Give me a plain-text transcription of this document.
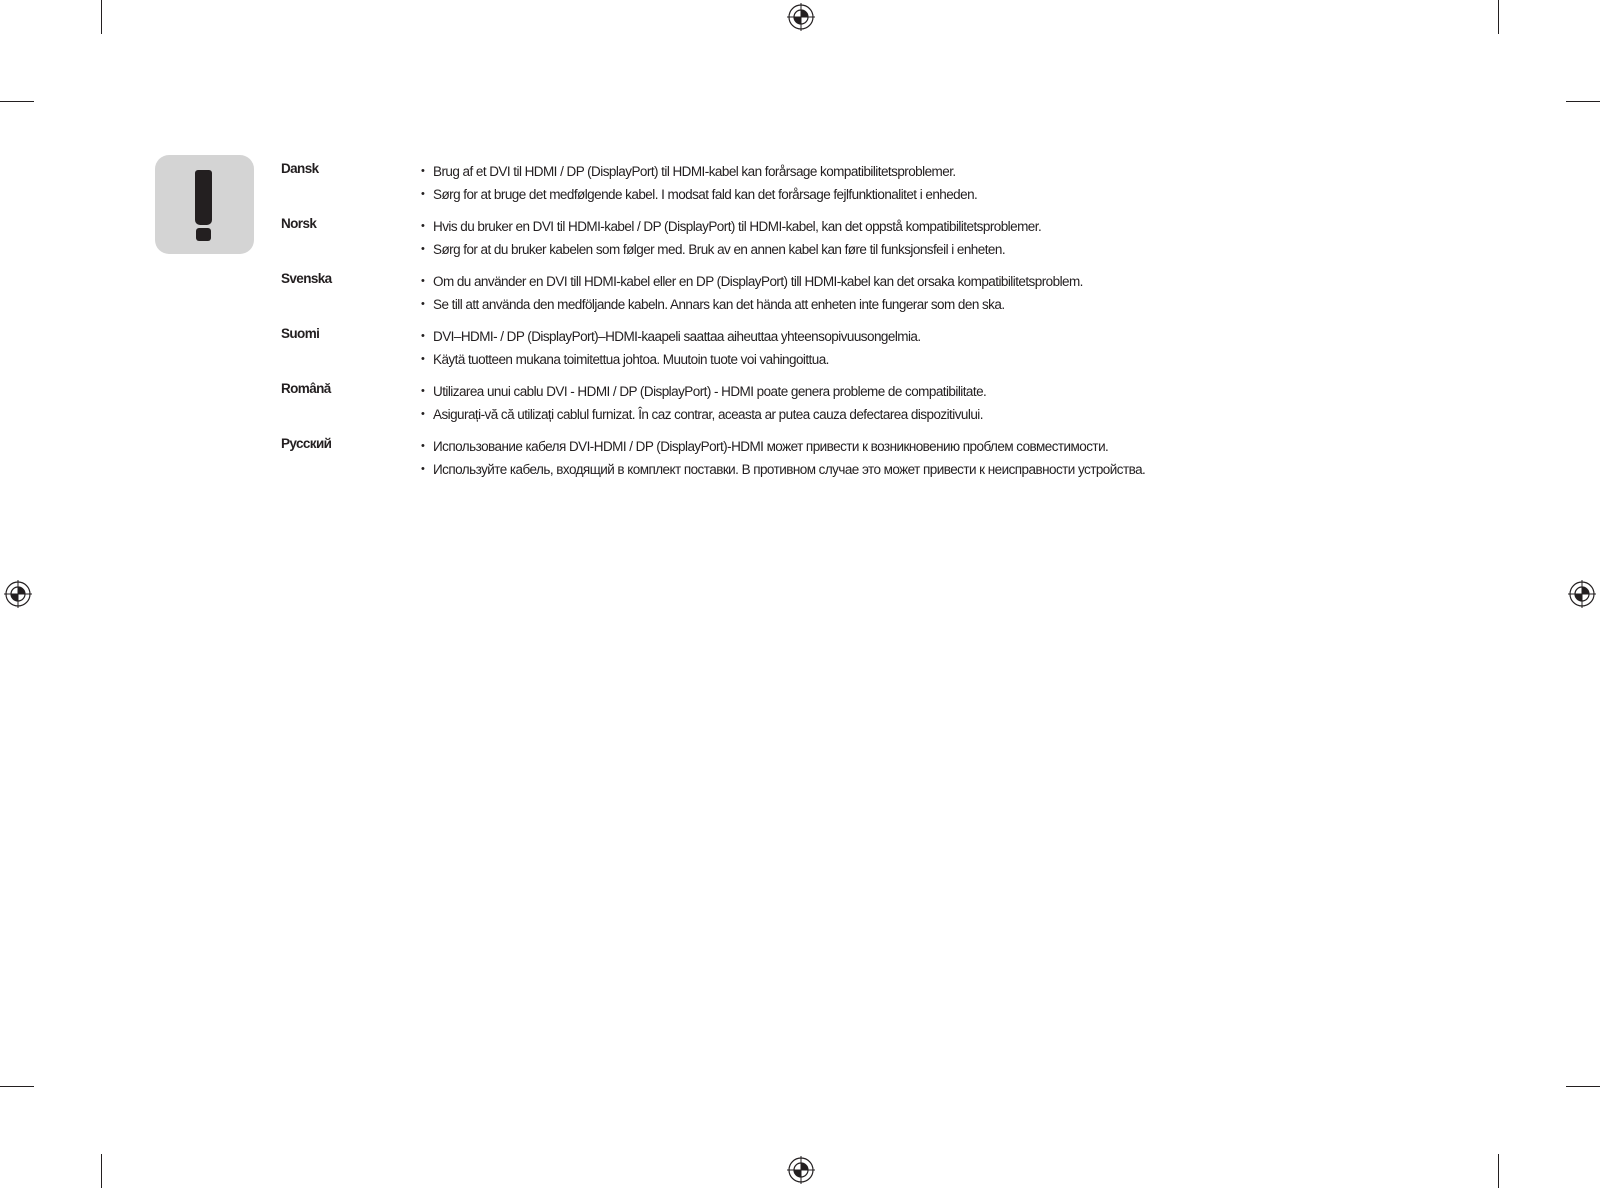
Dansk	• Brug af et DVI til HDMI / DP (DisplayPort) til HDMI-kabel kan forårsage kompatibilitetsproblemer.
• Sørg for at bruge det medfølgende kabel. I modsat fald kan det forårsage fejlfunktionalitet i enheden.
Norsk	• Hvis du bruker en DVI til HDMI-kabel / DP (DisplayPort) til HDMI-kabel, kan det oppstå kompatibilitetsproblemer.
• Sørg for at du bruker kabelen som følger med. Bruk av en annen kabel kan føre til funksjonsfeil i enheten.
Svenska	• Om du använder en DVI till HDMI-kabel eller en DP (DisplayPort) till HDMI-kabel kan det orsaka kompatibilitetsproblem.
• Se till att använda den medföljande kabeln. Annars kan det hända att enheten inte fungerar som den ska.
Suomi	• DVI–HDMI- / DP (DisplayPort)–HDMI-kaapeli saattaa aiheuttaa yhteensopivuusongelmia.
• Käytä tuotteen mukana toimitettua johtoa. Muutoin tuote voi vahingoittua.
Română	• Utilizarea unui cablu DVI - HDMI / DP (DisplayPort) - HDMI poate genera probleme de compatibilitate.
• Asigurați-vă că utilizați cablul furnizat. În caz contrar, aceasta ar putea cauza defectarea dispozitivului.
Русский	• Использование кабеля DVI-HDMI / DP (DisplayPort)-HDMI может привести к возникновению проблем совместимости.
• Используйте кабель, входящий в комплект поставки. В противном случае это может привести к неисправности устройства.
